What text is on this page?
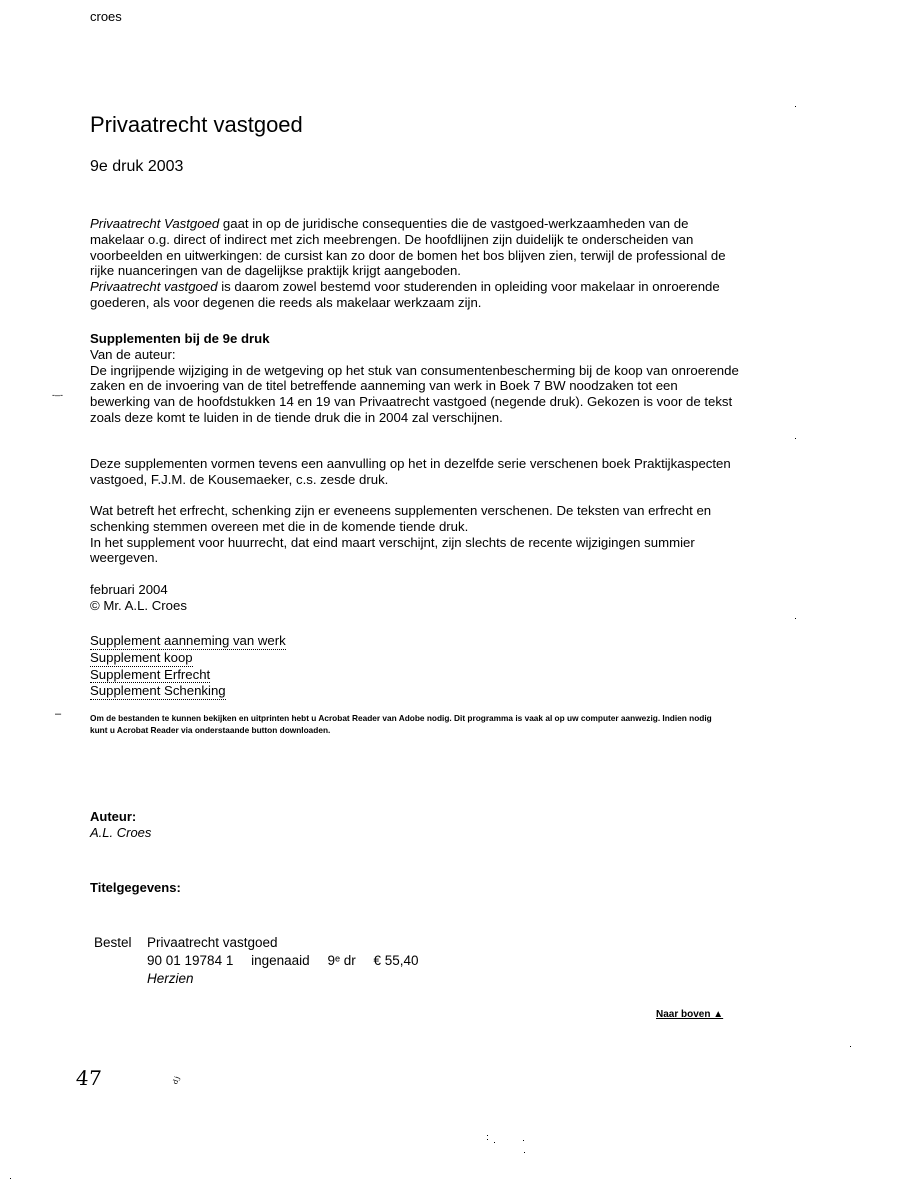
croes
Privaatrecht vastgoed
9e druk 2003

Privaatrecht Vastgoed gaat in op de juridische consequenties die de vastgoed-werkzaamheden van de makelaar o.g. direct of indirect met zich meebrengen. De hoofdlijnen zijn duidelijk te onderscheiden van voorbeelden en uitwerkingen: de cursist kan zo door de bomen het bos blijven zien, terwijl de professional de rijke nuanceringen van de dagelijkse praktijk krijgt aangeboden.
Privaatrecht vastgoed is daarom zowel bestemd voor studerenden in opleiding voor makelaar in onroerende goederen, als voor degenen die reeds als makelaar werkzaam zijn.

Supplementen bij de 9e druk

Van de auteur:

De ingrijpende wijziging in de wetgeving op het stuk van consumentenbescherming bij de koop van onroerende zaken en de invoering van de titel betreffende aanneming van werk in Boek 7 BW noodzaken tot een bewerking van de hoofdstukken 14 en 19 van Privaatrecht vastgoed (negende druk). Gekozen is voor de tekst zoals deze komt te luiden in de tiende druk die in 2004 zal verschijnen.

Deze supplementen vormen tevens een aanvulling op het in dezelfde serie verschenen boek Praktijkaspecten vastgoed, F.J.M. de Kousemaeker, c.s. zesde druk.

Wat betreft het erfrecht, schenking zijn er eveneens supplementen verschenen. De teksten van erfrecht en schenking stemmen overeen met die in de komende tiende druk.

In het supplement voor huurrecht, dat eind maart verschijnt, zijn slechts de recente wijzigingen summier weergeven.

februari 2004

© Mr. A.L. Croes

Supplement aanneming van werk
Supplement koop
Supplement Erfrecht
Supplement Schenking
–
-–-
Om de bestanden te kunnen bekijken en uitprinten hebt u Acrobat Reader van Adobe nodig. Dit programma is vaak al op uw computer aanwezig. Indien nodig kunt u Acrobat Reader via onderstaande button downloaden.
Auteur:
A.L. Croes
Titelgegevens:
Bestel	Privaatrecht vastgoed
90 01 19784 1 ingenaaid 9ᵉ dr € 55,40
Herzien
Naar boven ▲
47	ᵈʲ
